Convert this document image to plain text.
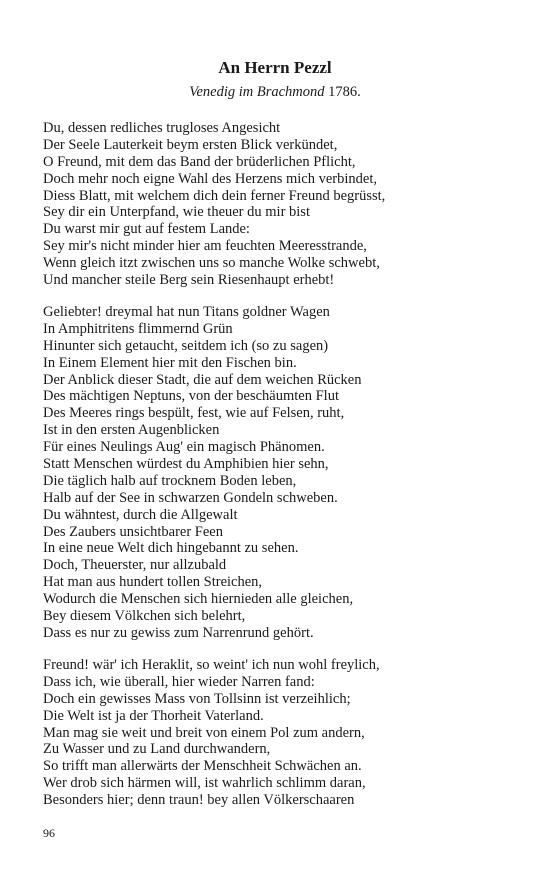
An Herrn Pezzl

Venedig im Brachmond 1786.

Du, dessen redliches trugloses Angesicht
Der Seele Lauterkeit beym ersten Blick verkündet,
O Freund, mit dem das Band der brüderlichen Pflicht,
Doch mehr noch eigne Wahl des Herzens mich verbindet,
Diess Blatt, mit welchem dich dein ferner Freund begrüsst,
Sey dir ein Unterpfand, wie theuer du mir bist
Du warst mir gut auf festem Lande:
Sey mir's nicht minder hier am feuchten Meeresstrande,
Wenn gleich itzt zwischen uns so manche Wolke schwebt,
Und mancher steile Berg sein Riesenhaupt erhebt!
Geliebter! dreymal hat nun Titans goldner Wagen
In Amphitritens flimmernd Grün
Hinunter sich getaucht, seitdem ich (so zu sagen)
In Einem Element hier mit den Fischen bin.
Der Anblick dieser Stadt, die auf dem weichen Rücken
Des mächtigen Neptuns, von der beschäumten Flut
Des Meeres rings bespült, fest, wie auf Felsen, ruht,
Ist in den ersten Augenblicken
Für eines Neulings Aug' ein magisch Phänomen.
Statt Menschen würdest du Amphibien hier sehn,
Die täglich halb auf trocknem Boden leben,
Halb auf der See in schwarzen Gondeln schweben.
Du wähntest, durch die Allgewalt
Des Zaubers unsichtbarer Feen
In eine neue Welt dich hingebannt zu sehen.
Doch, Theuerster, nur allzubald
Hat man aus hundert tollen Streichen,
Wodurch die Menschen sich hiernieden alle gleichen,
Bey diesem Völkchen sich belehrt,
Dass es nur zu gewiss zum Narrenrund gehört.
Freund! wär' ich Heraklit, so weint' ich nun wohl freylich,
Dass ich, wie überall, hier wieder Narren fand:
Doch ein gewisses Mass von Tollsinn ist verzeihlich;
Die Welt ist ja der Thorheit Vaterland.
Man mag sie weit und breit von einem Pol zum andern,
Zu Wasser und zu Land durchwandern,
So trifft man allerwärts der Menschheit Schwächen an.
Wer drob sich härmen will, ist wahrlich schlimm daran,
Besonders hier; denn traun! bey allen Völkerschaaren

96
